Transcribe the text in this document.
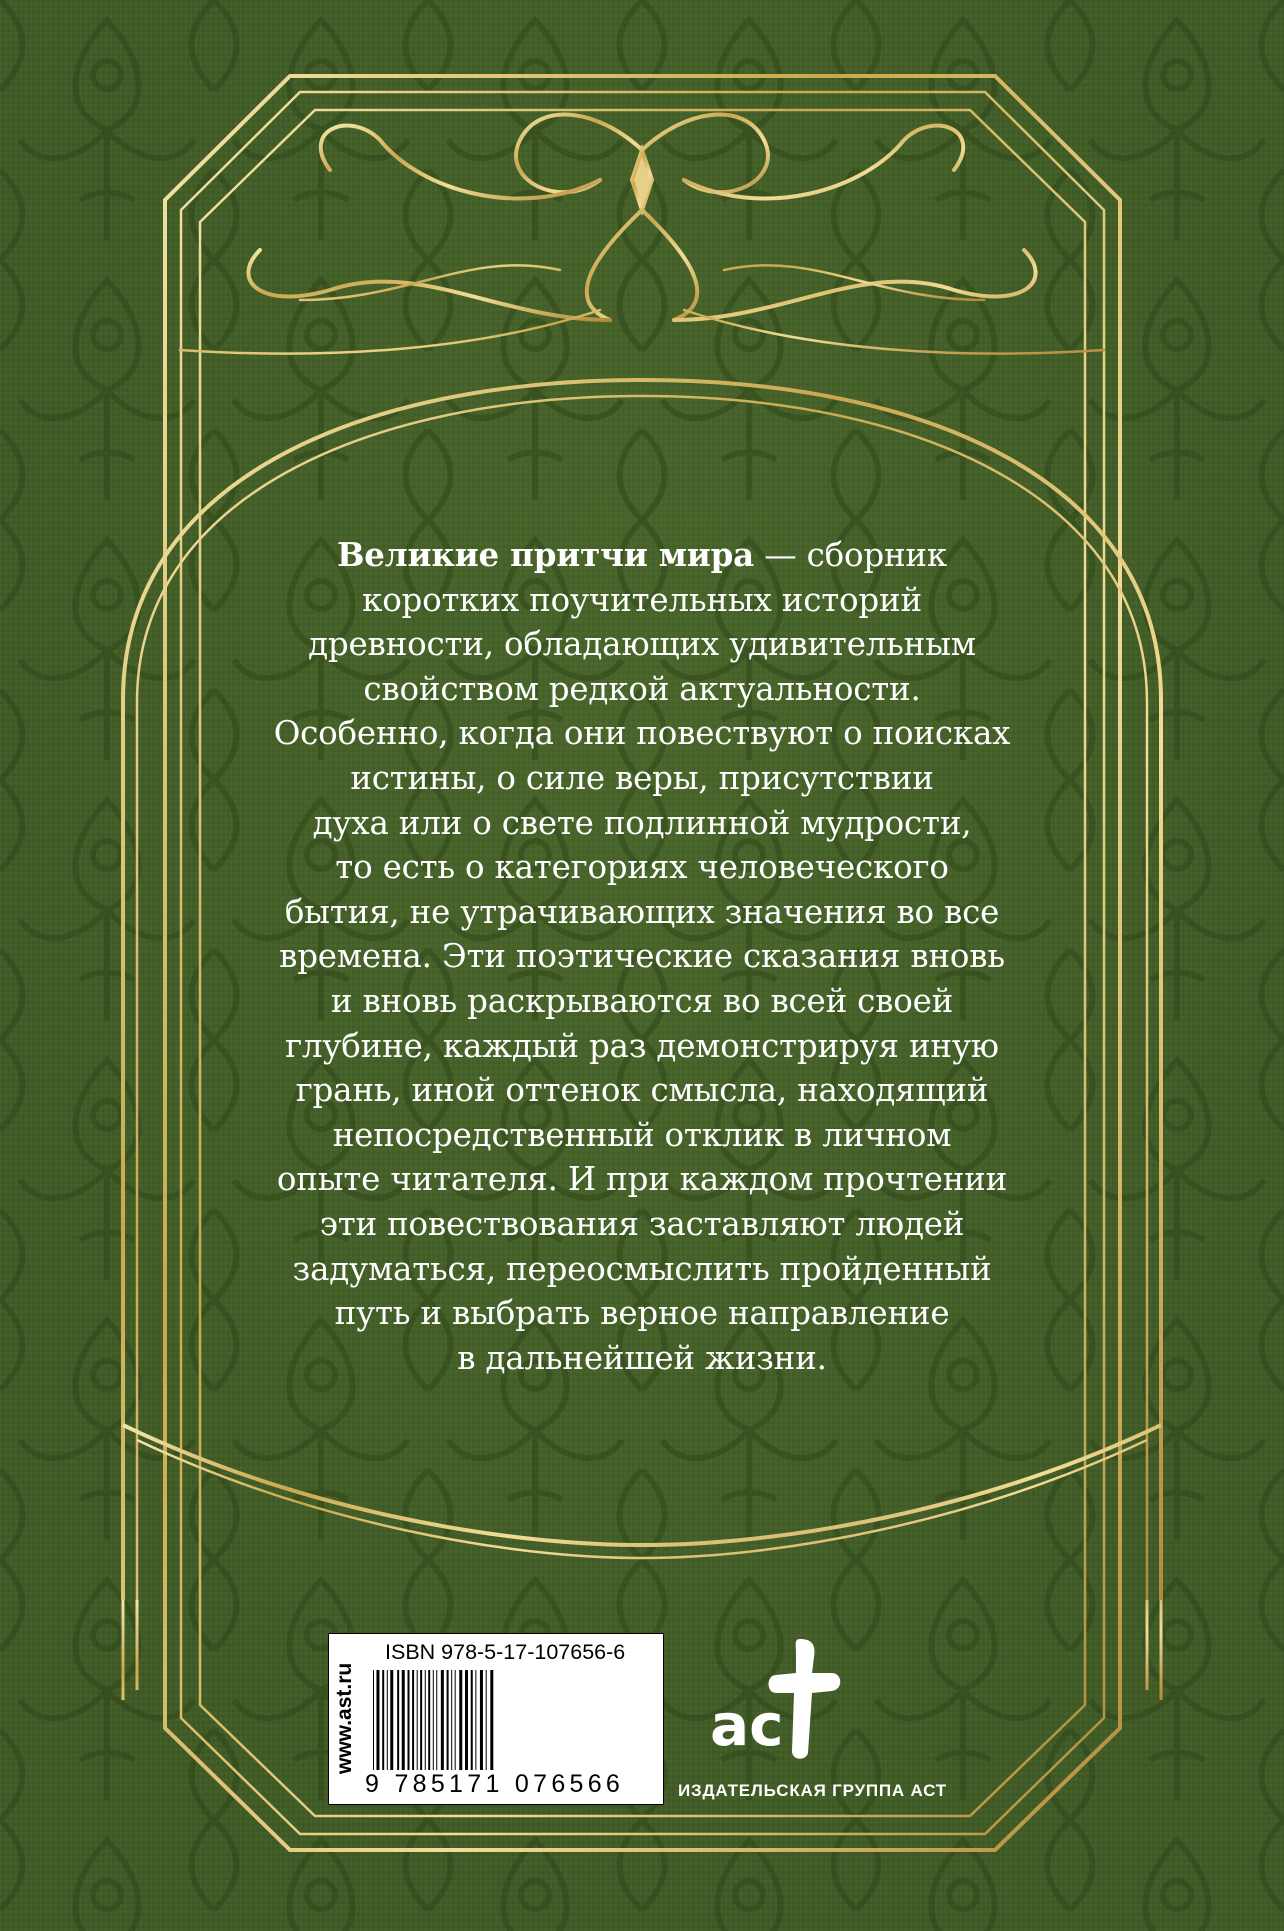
Великие притчи мира — сборник
коротких поучительных историй
древности, обладающих удивительным
свойством редкой актуальности.
Особенно, когда они повествуют о поисках
истины, о силе веры, присутствии
духа или о свете подлинной мудрости,
то есть о категориях человеческого
бытия, не утрачивающих значения во все
времена. Эти поэтические сказания вновь
и вновь раскрываются во всей своей
глубине, каждый раз демонстрируя иную
грань, иной оттенок смысла, находящий
непосредственный отклик в личном
опыте читателя. И при каждом прочтении
эти повествования заставляют людей
задуматься, переосмыслить пройденный
путь и выбрать верное направление
в дальнейшей жизни.

www.ast.ru
ISBN 978-5-17-107656-6
9 785171 076566
ac
ИЗДАТЕЛЬСКАЯ ГРУППА АСТ
